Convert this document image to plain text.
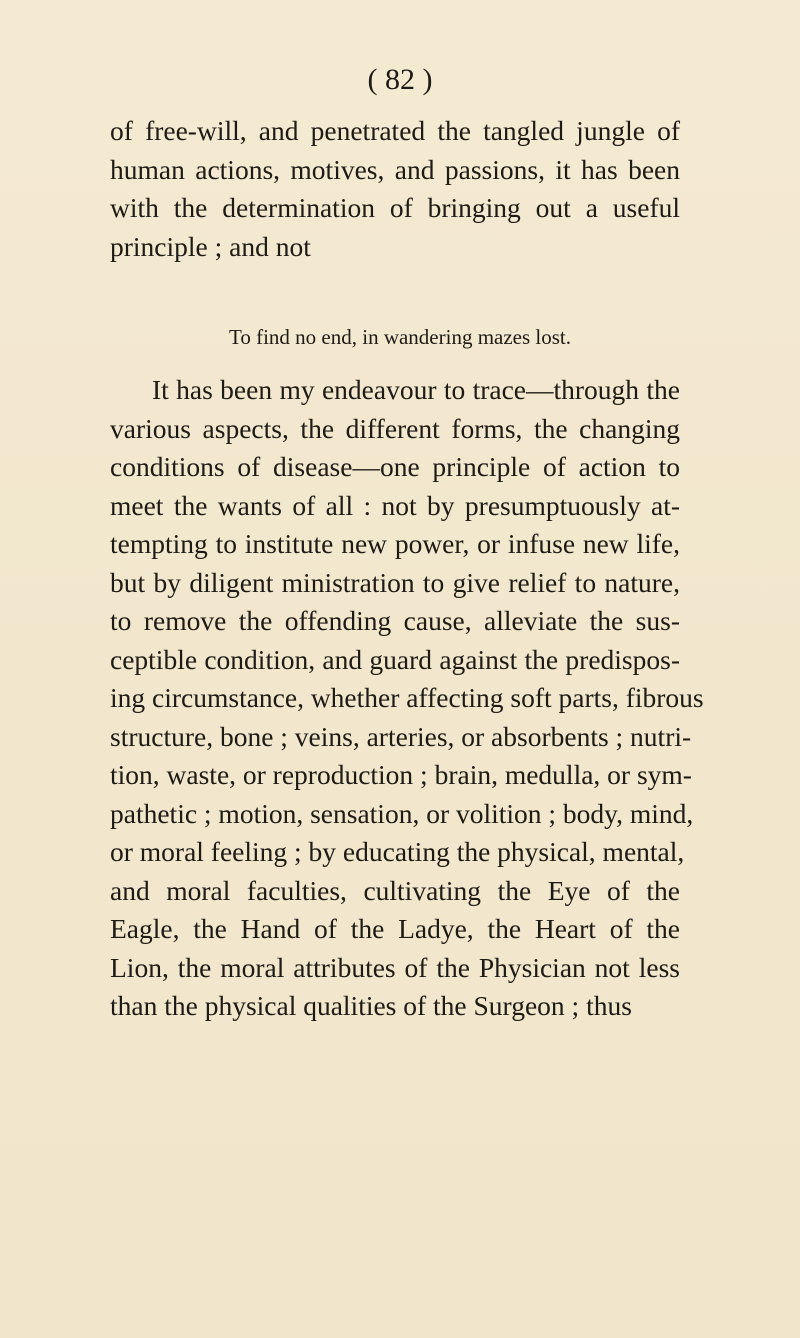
( 82 )
of free-will, and penetrated the tangled jungle of
human actions, motives, and passions, it has been
with the determination of bringing out a useful
principle ; and not
To find no end, in wandering mazes lost.
It has been my endeavour to trace—through the
various aspects, the different forms, the changing
conditions of disease—one principle of action to
meet the wants of all : not by presumptuously at-
tempting to institute new power, or infuse new life,
but by diligent ministration to give relief to nature,
to remove the offending cause, alleviate the sus-
ceptible condition, and guard against the predispos-
ing circumstance, whether affecting soft parts, fibrous
structure, bone ; veins, arteries, or absorbents ; nutri-
tion, waste, or reproduction ; brain, medulla, or sym-
pathetic ; motion, sensation, or volition ; body, mind,
or moral feeling ; by educating the physical, mental,
and moral faculties, cultivating the Eye of the
Eagle, the Hand of the Ladye, the Heart of the
Lion, the moral attributes of the Physician not less
than the physical qualities of the Surgeon ; thus
